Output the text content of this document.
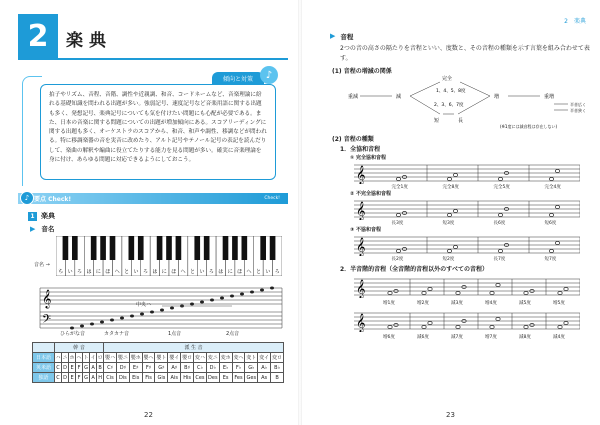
2	楽典
傾向と対策	♪
拍子やリズム、音程、音階、調性や近親調、和音、コードネームなど、音楽理論に紛れる基礎知識を問われる出題が多い。強弱記号、速度記号など音楽用語に関する出題も多く、発想記号、楽典記号についても気を付けたい問題にも心配が必要である。また、日本の音楽に関する問題についての出題が増加傾向にある。スコアリーディングに関する出題も多く、オーケストラのスコアから、和音、和声や調性、移調などが問われる。特に移調楽器の音を実音に改めたり、アルト記号やテノール記号の表記を読んだりして、楽曲の解釈や編曲に役立てたりする能力を見る問題が多い。確実に音楽理論を身に付け、あらゆる問題に対応できるようにしておこう。
♪ 要点 Check!	Check!
1 楽典
▶ 音名
音名 →
ち い ろ は に ほ へ と い ろ は に ほ へ と い ろ は に ほ へ と い ろ
𝄞
𝄢
中央ハ
ひらがな音	カタカナ音	1点音	2点音
	幹 音							派 生 音													
日本語	ハ	ニ	ホ	ヘ	ト	イ	ロ	嬰ハ	嬰ニ	嬰ホ	嬰ヘ	嬰ト	嬰イ	嬰ロ	変ハ	変ニ	変ホ	変ヘ	変ト	変イ	変ロ
英米語	C	D	E	F	G	A	B	C♯	D♯	E♯	F♯	G♯	A♯	B♯	C♭	D♭	E♭	F♭	G♭	A♭	B♭
独語	C	D	E	F	G	A	H	Cis	Dis	Eis	Fis	Gis	Ais	His	Ces	Des	Es	Fes	Ges	As	B
22
2　楽典
▶ 音程
2つの音の高さの隔たりを音程といい、度数と、その音程の種類を示す言葉を組み合わせて表す。
(1) 音程の増減の関係
重減	減
完全
1、4、5、8度
2、3、6、7度
短	長
増	重増
半音広く
半音狭く
(※1度には減音程は存在しない)
(2) 音程の種類
1．全協和音程
① 完全協和音程
𝄞
完全1度	完全8度	完全5度	完全4度
② 不完全協和音程
𝄞
長3度	短3度	長6度	短6度
③ 不協和音程
𝄞
長2度	短2度	長7度	短7度
2．半音階的音程（全音階的音程以外のすべての音程）
𝄞
増1度	増2度	減3度	増4度	減5度	増5度
𝄞
増6度	減6度	減7度	増7度	減8度	減4度
23
